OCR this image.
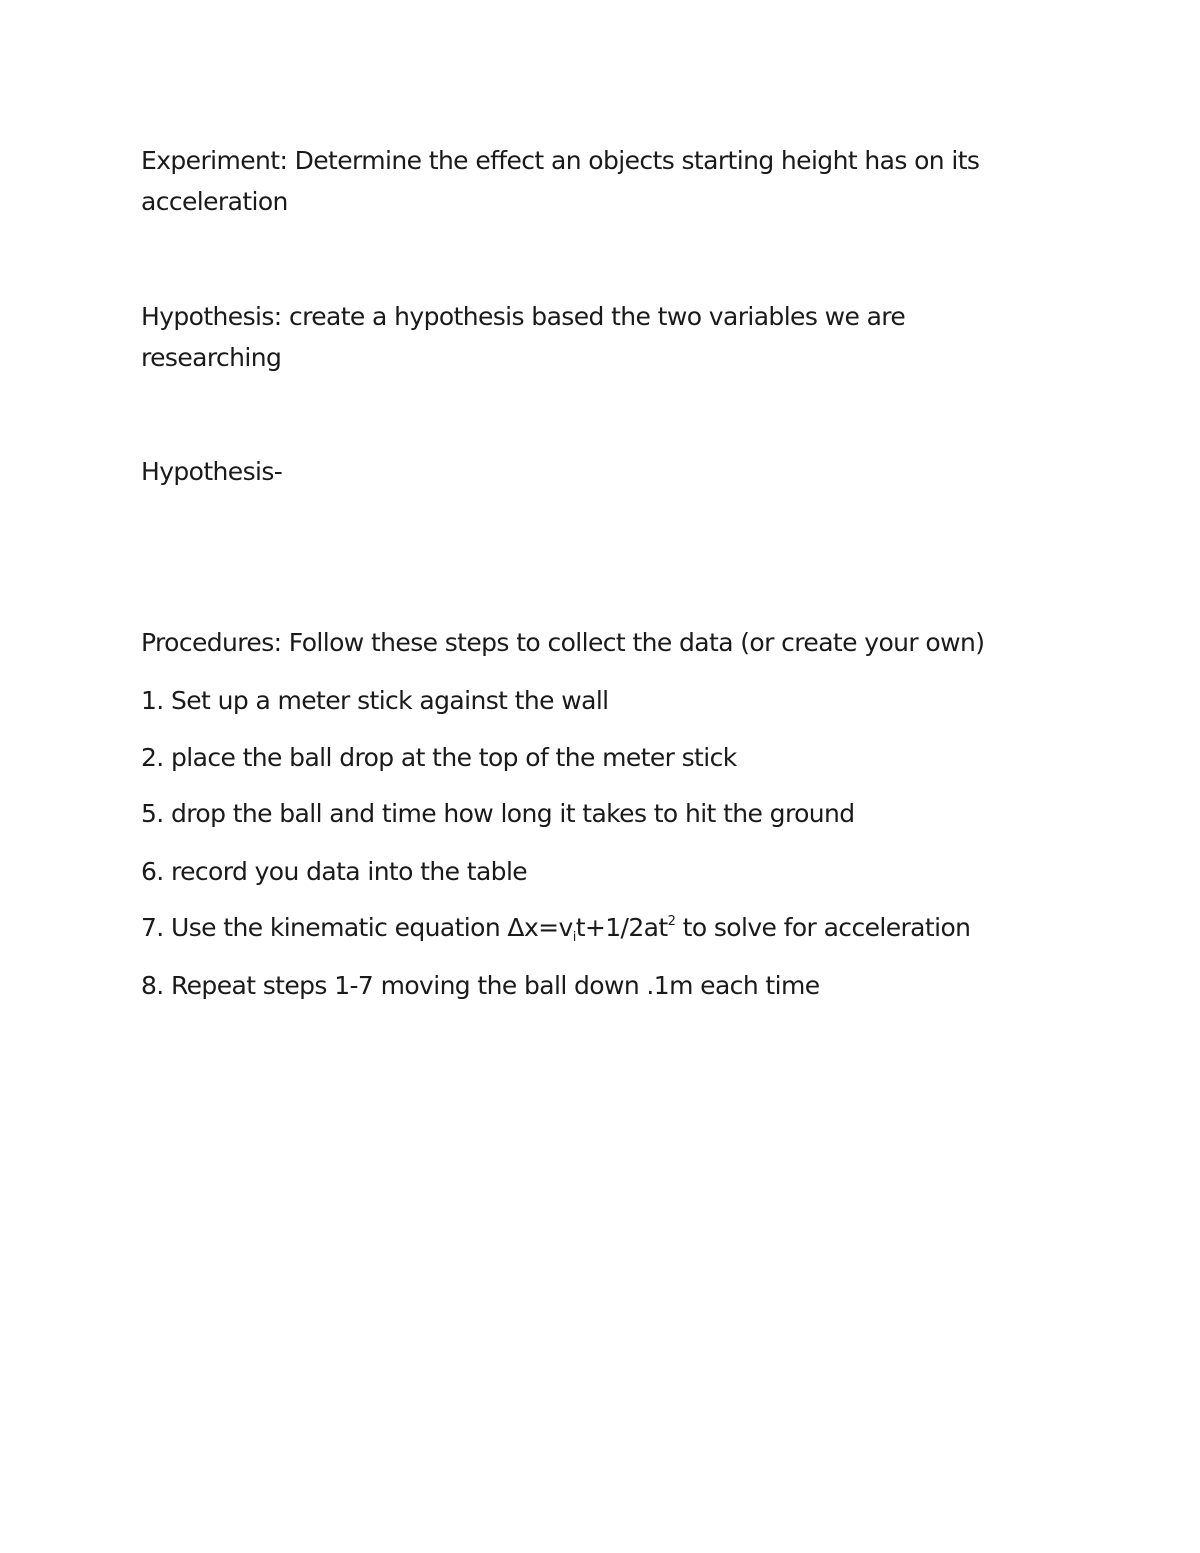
Experiment: Determine the effect an objects starting height has on its
acceleration
Hypothesis: create a hypothesis based the two variables we are
researching
Hypothesis-
Procedures: Follow these steps to collect the data (or create your own)
1. Set up a meter stick against the wall
2. place the ball drop at the top of the meter stick
5. drop the ball and time how long it takes to hit the ground
6. record you data into the table
7. Use the kinematic equation $\Delta x=v_it+1/2at^2$ to solve for acceleration
8. Repeat steps 1-7 moving the ball down .1m each time
